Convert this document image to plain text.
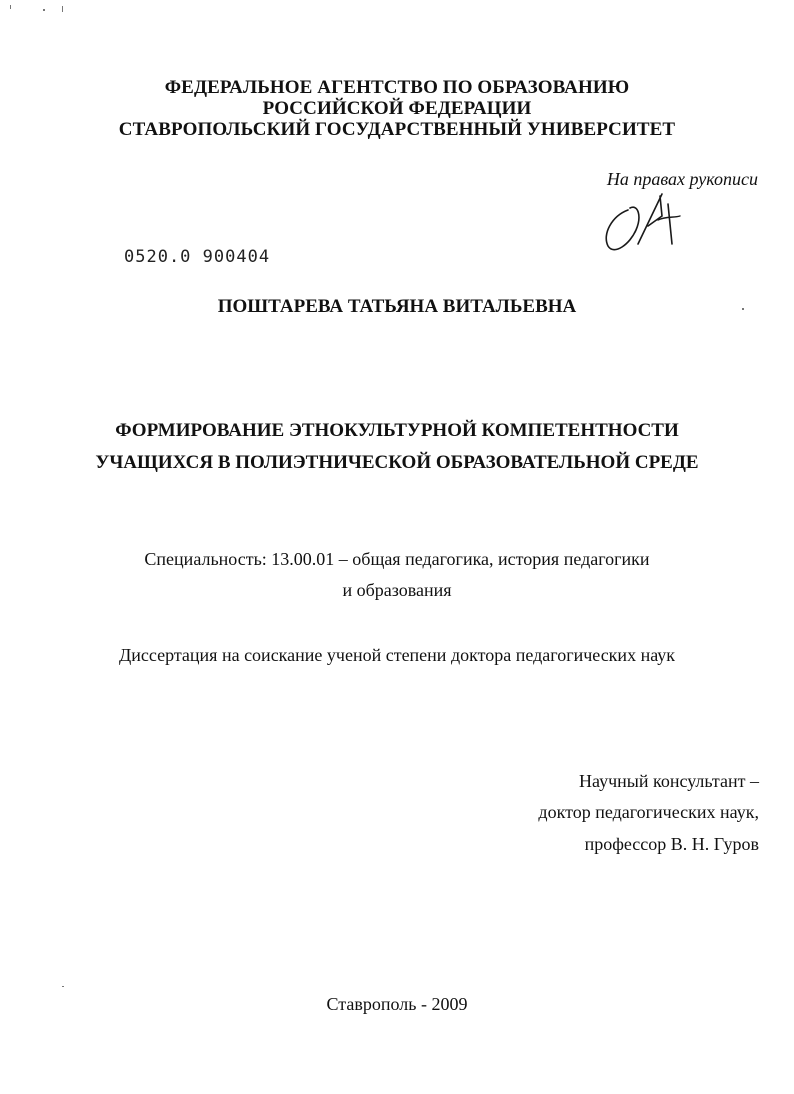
ФЕДЕРАЛЬНОЕ АГЕНТСТВО ПО ОБРАЗОВАНИЮ
РОССИЙСКОЙ ФЕДЕРАЦИИ
СТАВРОПОЛЬСКИЙ ГОСУДАРСТВЕННЫЙ УНИВЕРСИТЕТ
На правах рукописи
0520.0 900404
ПОШТАРЕВА ТАТЬЯНА ВИТАЛЬЕВНА
ФОРМИРОВАНИЕ ЭТНОКУЛЬТУРНОЙ КОМПЕТЕНТНОСТИ
УЧАЩИХСЯ В ПОЛИЭТНИЧЕСКОЙ ОБРАЗОВАТЕЛЬНОЙ СРЕДЕ
Специальность: 13.00.01 – общая педагогика, история педагогики
и образования
Диссертация на соискание ученой степени доктора педагогических наук
Научный консультант –
доктор педагогических наук,
профессор В. Н. Гуров
Ставрополь - 2009
